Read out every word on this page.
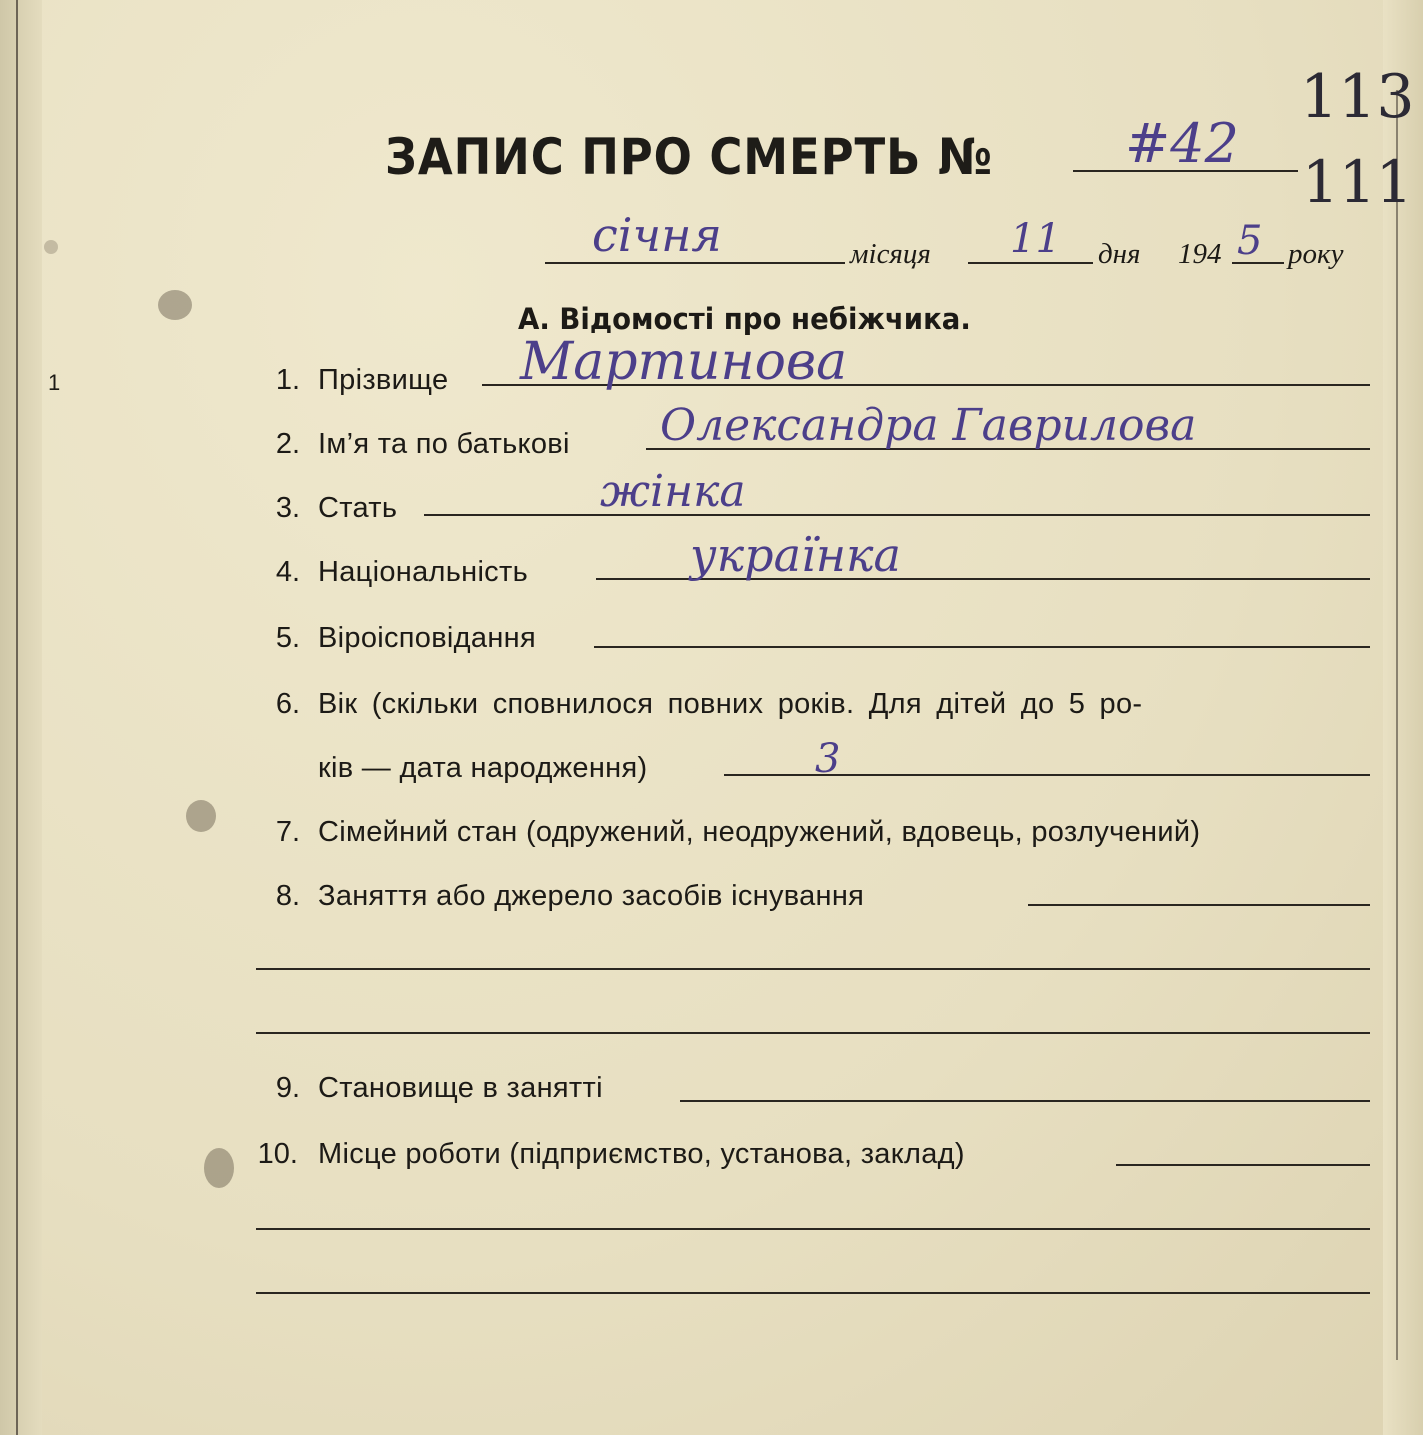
1
ЗАПИС ПРО СМЕРТЬ № #42
113
111
січня	місяця 11 дня 194 5 року
А. Відомості про небіжчика.
1. Прізвище Мартинова
2. Ім’я та по батькові Олександра Гаврилова
3. Стать	жінка
4. Національність	українка
5. Віроісповідання
6. Вік (скільки сповнилося повних років. Для дітей до 5 ро-
ків — дата народження)	3
7. Сімейний стан (одружений, неодружений, вдовець, розлучений)
8. Заняття або джерело засобів існування
9. Становище в занятті
10. Місце роботи (підприємство, установа, заклад)
